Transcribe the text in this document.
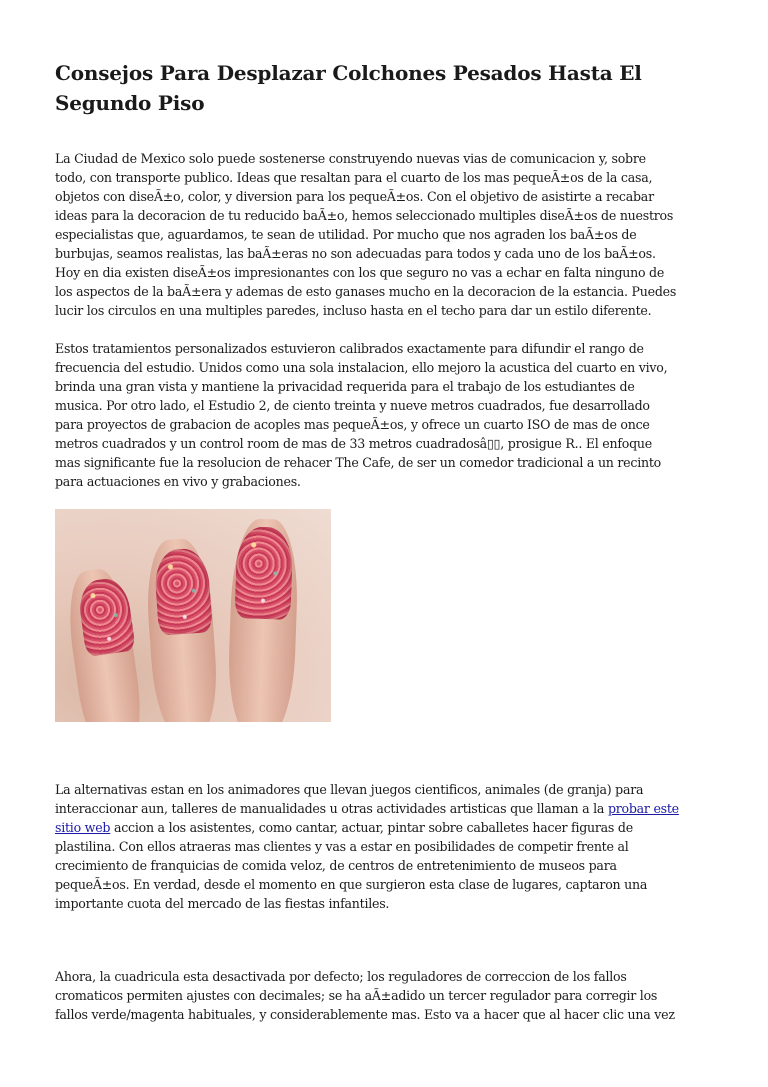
Consejos Para Desplazar Colchones Pesados Hasta El
Segundo Piso
La Ciudad de Mexico solo puede sostenerse construyendo nuevas vias de comunicacion y, sobre
todo, con transporte publico. Ideas que resaltan para el cuarto de los mas pequeÃ±os de la casa,
objetos con diseÃ±o, color, y diversion para los pequeÃ±os. Con el objetivo de asistirte a recabar
ideas para la decoracion de tu reducido baÃ±o, hemos seleccionado multiples diseÃ±os de nuestros
especialistas que, aguardamos, te sean de utilidad. Por mucho que nos agraden los baÃ±os de
burbujas, seamos realistas, las baÃ±eras no son adecuadas para todos y cada uno de los baÃ±os.
Hoy en dia existen diseÃ±os impresionantes con los que seguro no vas a echar en falta ninguno de
los aspectos de la baÃ±era y ademas de esto ganases mucho en la decoracion de la estancia. Puedes
lucir los circulos en una multiples paredes, incluso hasta en el techo para dar un estilo diferente.
Estos tratamientos personalizados estuvieron calibrados exactamente para difundir el rango de
frecuencia del estudio. Unidos como una sola instalacion, ello mejoro la acustica del cuarto en vivo,
brinda una gran vista y mantiene la privacidad requerida para el trabajo de los estudiantes de
musica. Por otro lado, el Estudio 2, de ciento treinta y nueve metros cuadrados, fue desarrollado
para proyectos de grabacion de acoples mas pequeÃ±os, y ofrece un cuarto ISO de mas de once
metros cuadrados y un control room de mas de 33 metros cuadradosâ▯▯, prosigue R.. El enfoque
mas significante fue la resolucion de rehacer The Cafe, de ser un comedor tradicional a un recinto
para actuaciones en vivo y grabaciones.
La alternativas estan en los animadores que llevan juegos cientificos, animales (de granja) para
interaccionar aun, talleres de manualidades u otras actividades artisticas que llaman a la probar este
sitio web accion a los asistentes, como cantar, actuar, pintar sobre caballetes hacer figuras de
plastilina. Con ellos atraeras mas clientes y vas a estar en posibilidades de competir frente al
crecimiento de franquicias de comida veloz, de centros de entretenimiento de museos para
pequeÃ±os. En verdad, desde el momento en que surgieron esta clase de lugares, captaron una
importante cuota del mercado de las fiestas infantiles.
Ahora, la cuadricula esta desactivada por defecto; los reguladores de correccion de los fallos
cromaticos permiten ajustes con decimales; se ha aÃ±adido un tercer regulador para corregir los
fallos verde/magenta habituales, y considerablemente mas. Esto va a hacer que al hacer clic una vez
